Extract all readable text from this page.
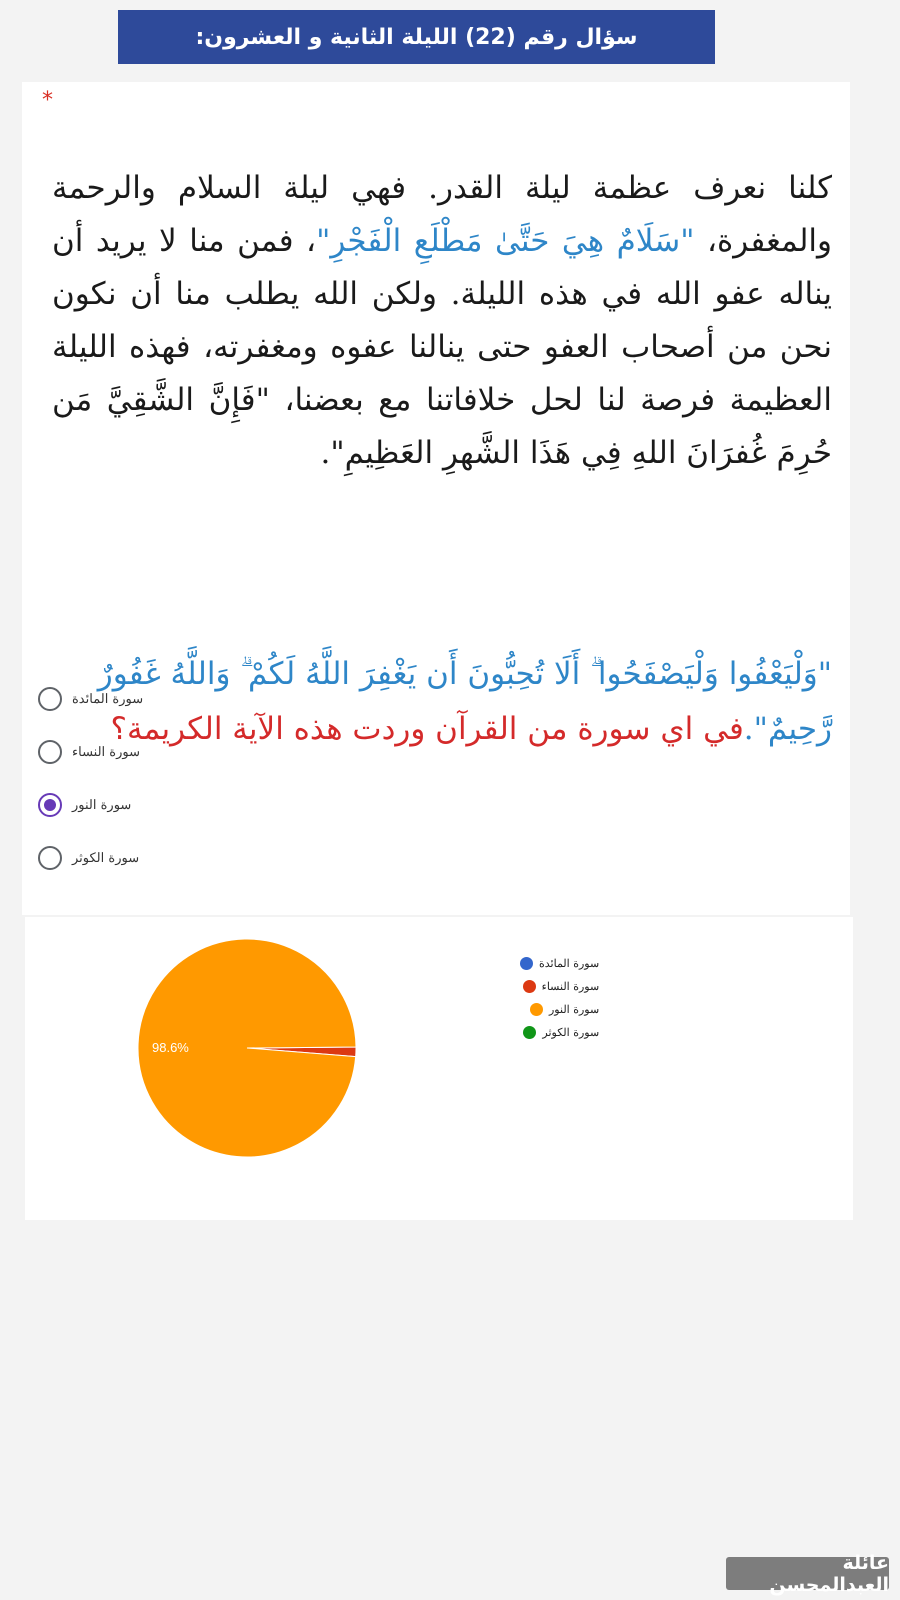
سؤال رقم (22) الليلة الثانية و العشرون:
*
كلنا نعرف عظمة ليلة القدر. فهي ليلة السلام والرحمة والمغفرة، "سَلَامٌ هِيَ حَتَّىٰ مَطْلَعِ الْفَجْرِ"، فمن منا لا يريد أن يناله عفو الله في هذه الليلة. ولكن الله يطلب منا أن نكون نحن من أصحاب العفو حتى ينالنا عفوه ومغفرته، فهذه الليلة العظيمة فرصة لنا لحل خلافاتنا مع بعضنا، "فَإِنَّ الشَّقِيَّ مَن حُرِمَ غُفرَانَ اللهِ فِي هَذَا الشَّهرِ العَظِيمِ".
"وَلْيَعْفُوا وَلْيَصْفَحُوا ۗ أَلَا تُحِبُّونَ أَن يَغْفِرَ اللَّهُ لَكُمْ ۗ وَاللَّهُ غَفُورٌ رَّحِيمٌ".في اي سورة من القرآن وردت هذه الآية الكريمة؟
سورة المائدة
سورة النساء
سورة النور
سورة الكوثر
98.6%
سورة المائدة
سورة النساء
سورة النور
سورة الكوثر
عائلة العبدالمحسن
